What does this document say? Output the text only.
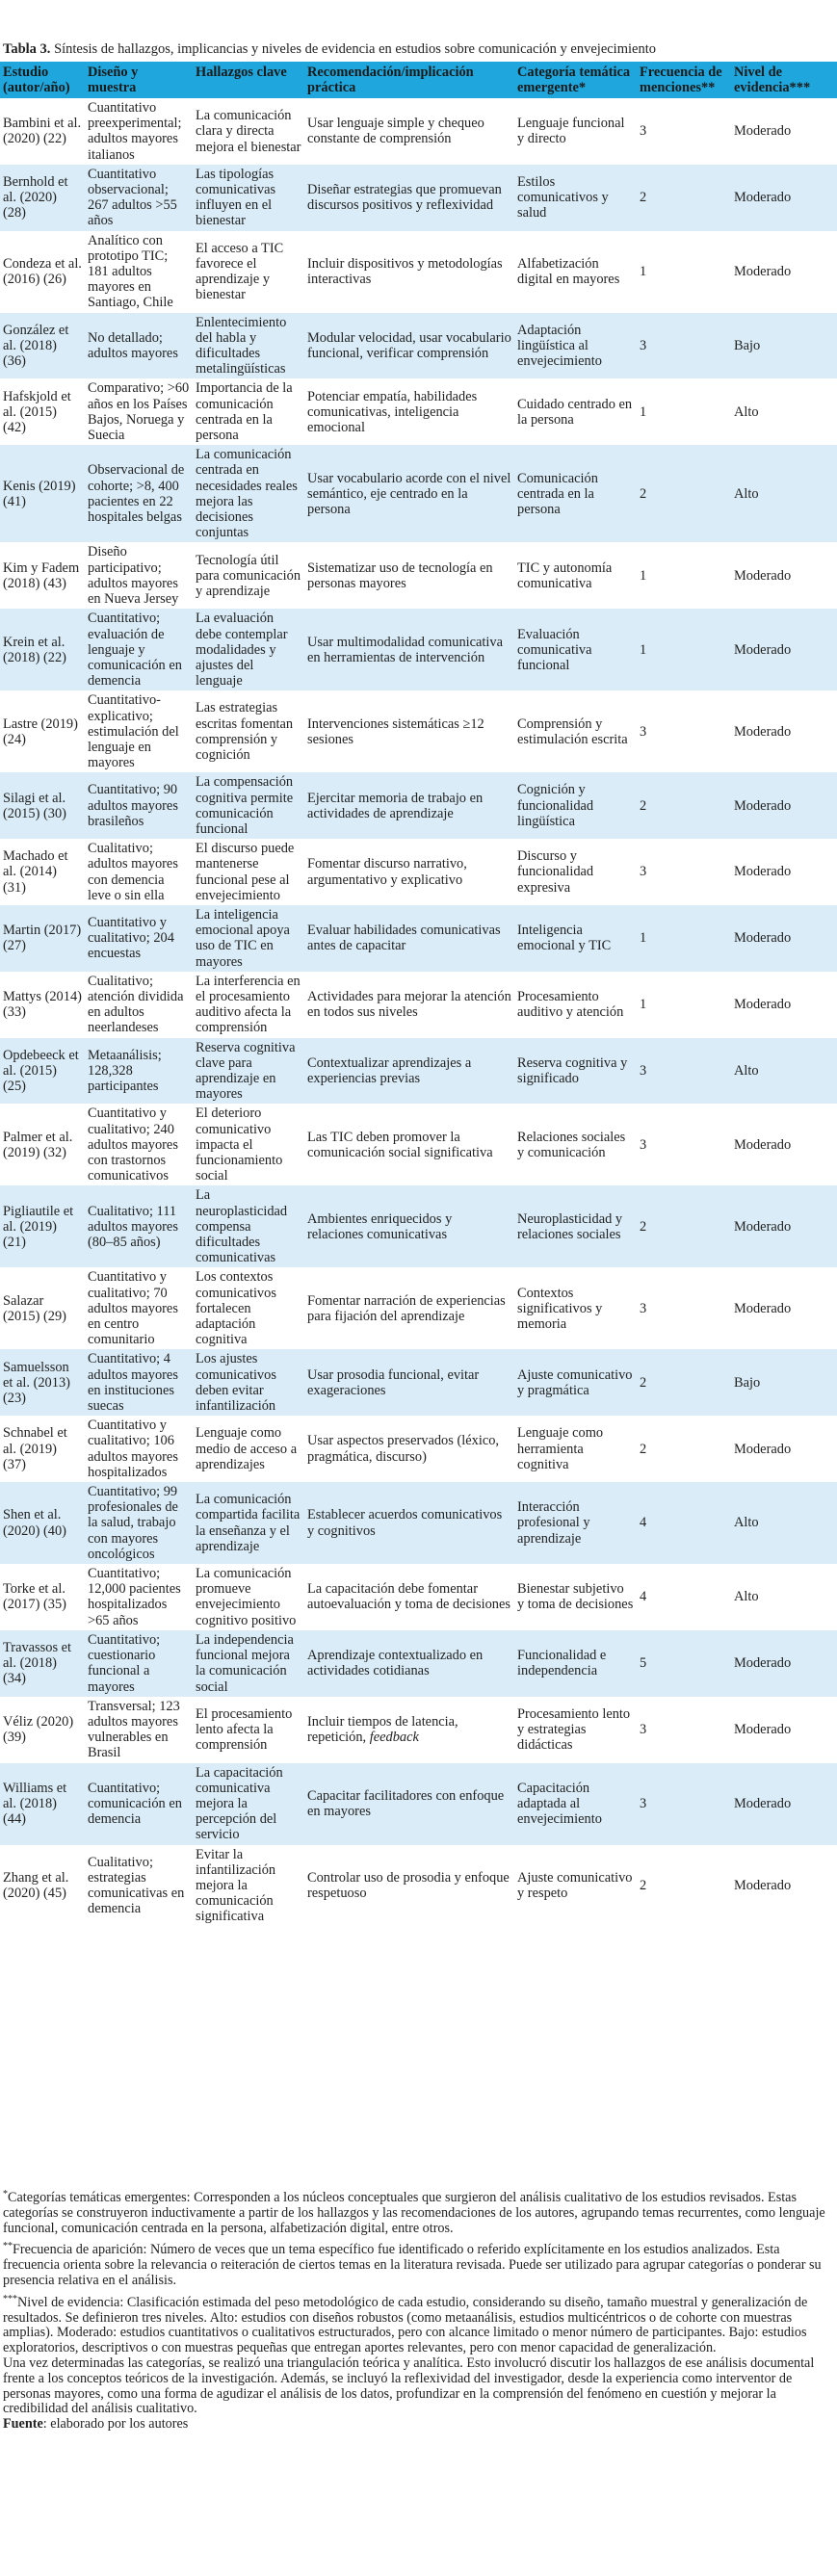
Tabla 3. Síntesis de hallazgos, implicancias y niveles de evidencia en estudios sobre comunicación y envejecimiento
Estudio (autor/año)	Diseño y muestra	Hallazgos clave	Recomendación/implicación práctica	Categoría temática emergente*	Frecuencia de menciones**	Nivel de evidencia***
Bambini et al. (2020) (22)	Cuantitativo preexperimental; adultos mayores italianos	La comunicación clara y directa mejora el bienestar	Usar lenguaje simple y chequeo constante de comprensión	Lenguaje funcional y directo	3	Moderado
Bernhold et al. (2020) (28)	Cuantitativo observacional; 267 adultos >55 años	Las tipologías comunicativas influyen en el bienestar	Diseñar estrategias que promuevan discursos positivos y reflexividad	Estilos comunicativos y salud	2	Moderado
Condeza et al. (2016) (26)	Analítico con prototipo TIC; 181 adultos mayores en Santiago, Chile	El acceso a TIC favorece el aprendizaje y bienestar	Incluir dispositivos y metodologías interactivas	Alfabetización digital en mayores	1	Moderado
González et al. (2018) (36)	No detallado; adultos mayores	Enlentecimiento del habla y dificultades metalingüísticas	Modular velocidad, usar vocabulario funcional, verificar comprensión	Adaptación lingüística al envejecimiento	3	Bajo
Hafskjold et al. (2015) (42)	Comparativo; >60 años en los Países Bajos, Noruega y Suecia	Importancia de la comunicación centrada en la persona	Potenciar empatía, habilidades comunicativas, inteligencia emocional	Cuidado centrado en la persona	1	Alto
Kenis (2019) (41)	Observacional de cohorte; >8, 400 pacientes en 22 hospitales belgas	La comunicación centrada en necesidades reales mejora las decisiones conjuntas	Usar vocabulario acorde con el nivel semántico, eje centrado en la persona	Comunicación centrada en la persona	2	Alto
Kim y Fadem (2018) (43)	Diseño participativo; adultos mayores en Nueva Jersey	Tecnología útil para comunicación y aprendizaje	Sistematizar uso de tecnología en personas mayores	TIC y autonomía comunicativa	1	Moderado
Krein et al. (2018) (22)	Cuantitativo; evaluación de lenguaje y comunicación en demencia	La evaluación debe contemplar modalidades y ajustes del lenguaje	Usar multimodalidad comunicativa en herramientas de intervención	Evaluación comunicativa funcional	1	Moderado
Lastre (2019) (24)	Cuantitativo-explicativo; estimulación del lenguaje en mayores	Las estrategias escritas fomentan comprensión y cognición	Intervenciones sistemáticas ≥12 sesiones	Comprensión y estimulación escrita	3	Moderado
Silagi et al. (2015) (30)	Cuantitativo; 90 adultos mayores brasileños	La compensación cognitiva permite comunicación funcional	Ejercitar memoria de trabajo en actividades de aprendizaje	Cognición y funcionalidad lingüística	2	Moderado
Machado et al. (2014) (31)	Cualitativo; adultos mayores con demencia leve o sin ella	El discurso puede mantenerse funcional pese al envejecimiento	Fomentar discurso narrativo, argumentativo y explicativo	Discurso y funcionalidad expresiva	3	Moderado
Martin (2017) (27)	Cuantitativo y cualitativo; 204 encuestas	La inteligencia emocional apoya uso de TIC en mayores	Evaluar habilidades comunicativas antes de capacitar	Inteligencia emocional y TIC	1	Moderado
Mattys (2014) (33)	Cualitativo; atención dividida en adultos neerlandeses	La interferencia en el procesamiento auditivo afecta la comprensión	Actividades para mejorar la atención en todos sus niveles	Procesamiento auditivo y atención	1	Moderado
Opdebeeck et al. (2015) (25)	Metaanálisis; 128,328 participantes	Reserva cognitiva clave para aprendizaje en mayores	Contextualizar aprendizajes a experiencias previas	Reserva cognitiva y significado	3	Alto
Palmer et al. (2019) (32)	Cuantitativo y cualitativo; 240 adultos mayores con trastornos comunicativos	El deterioro comunicativo impacta el funcionamiento social	Las TIC deben promover la comunicación social significativa	Relaciones sociales y comunicación	3	Moderado
Pigliautile et al. (2019) (21)	Cualitativo; 111 adultos mayores (80–85 años)	La neuroplasticidad compensa dificultades comunicativas	Ambientes enriquecidos y relaciones comunicativas	Neuroplasticidad y relaciones sociales	2	Moderado
Salazar (2015) (29)	Cuantitativo y cualitativo; 70 adultos mayores en centro comunitario	Los contextos comunicativos fortalecen adaptación cognitiva	Fomentar narración de experiencias para fijación del aprendizaje	Contextos significativos y memoria	3	Moderado
Samuelsson et al. (2013) (23)	Cuantitativo; 4 adultos mayores en instituciones suecas	Los ajustes comunicativos deben evitar infantilización	Usar prosodia funcional, evitar exageraciones	Ajuste comunicativo y pragmática	2	Bajo
Schnabel et al. (2019) (37)	Cuantitativo y cualitativo; 106 adultos mayores hospitalizados	Lenguaje como medio de acceso a aprendizajes	Usar aspectos preservados (léxico, pragmática, discurso)	Lenguaje como herramienta cognitiva	2	Moderado
Shen et al. (2020) (40)	Cuantitativo; 99 profesionales de la salud, trabajo con mayores oncológicos	La comunicación compartida facilita la enseñanza y el aprendizaje	Establecer acuerdos comunicativos y cognitivos	Interacción profesional y aprendizaje	4	Alto
Torke et al. (2017) (35)	Cuantitativo; 12,000 pacientes hospitalizados >65 años	La comunicación promueve envejecimiento cognitivo positivo	La capacitación debe fomentar autoevaluación y toma de decisiones	Bienestar subjetivo y toma de decisiones	4	Alto
Travassos et al. (2018) (34)	Cuantitativo; cuestionario funcional a mayores	La independencia funcional mejora la comunicación social	Aprendizaje contextualizado en actividades cotidianas	Funcionalidad e independencia	5	Moderado
Véliz (2020) (39)	Transversal; 123 adultos mayores vulnerables en Brasil	El procesamiento lento afecta la comprensión	Incluir tiempos de latencia, repetición, feedback	Procesamiento lento y estrategias didácticas	3	Moderado
Williams et al. (2018) (44)	Cuantitativo; comunicación en demencia	La capacitación comunicativa mejora la percepción del servicio	Capacitar facilitadores con enfoque en mayores	Capacitación adaptada al envejecimiento	3	Moderado
Zhang et al. (2020) (45)	Cualitativo; estrategias comunicativas en demencia	Evitar la infantilización mejora la comunicación significativa	Controlar uso de prosodia y enfoque respetuoso	Ajuste comunicativo y respeto	2	Moderado

*Categorías temáticas emergentes: Corresponden a los núcleos conceptuales que surgieron del análisis cualitativo de los estudios revisados. Estas categorías se construyeron inductivamente a partir de los hallazgos y las recomendaciones de los autores, agrupando temas recurrentes, como lenguaje funcional, comunicación centrada en la persona, alfabetización digital, entre otros.

**Frecuencia de aparición: Número de veces que un tema específico fue identificado o referido explícitamente en los estudios analizados. Esta frecuencia orienta sobre la relevancia o reiteración de ciertos temas en la literatura revisada. Puede ser utilizado para agrupar categorías o ponderar su presencia relativa en el análisis.

***Nivel de evidencia: Clasificación estimada del peso metodológico de cada estudio, considerando su diseño, tamaño muestral y generalización de resultados. Se definieron tres niveles. Alto: estudios con diseños robustos (como metaanálisis, estudios multicéntricos o de cohorte con muestras amplias). Moderado: estudios cuantitativos o cualitativos estructurados, pero con alcance limitado o menor número de participantes. Bajo: estudios exploratorios, descriptivos o con muestras pequeñas que entregan aportes relevantes, pero con menor capacidad de generalización.

Una vez determinadas las categorías, se realizó una triangulación teórica y analítica. Esto involucró discutir los hallazgos de ese análisis documental frente a los conceptos teóricos de la investigación. Además, se incluyó la reflexividad del investigador, desde la experiencia como interventor de personas mayores, como una forma de agudizar el análisis de los datos, profundizar en la comprensión del fenómeno en cuestión y mejorar la credibilidad del análisis cualitativo.

Fuente: elaborado por los autores
